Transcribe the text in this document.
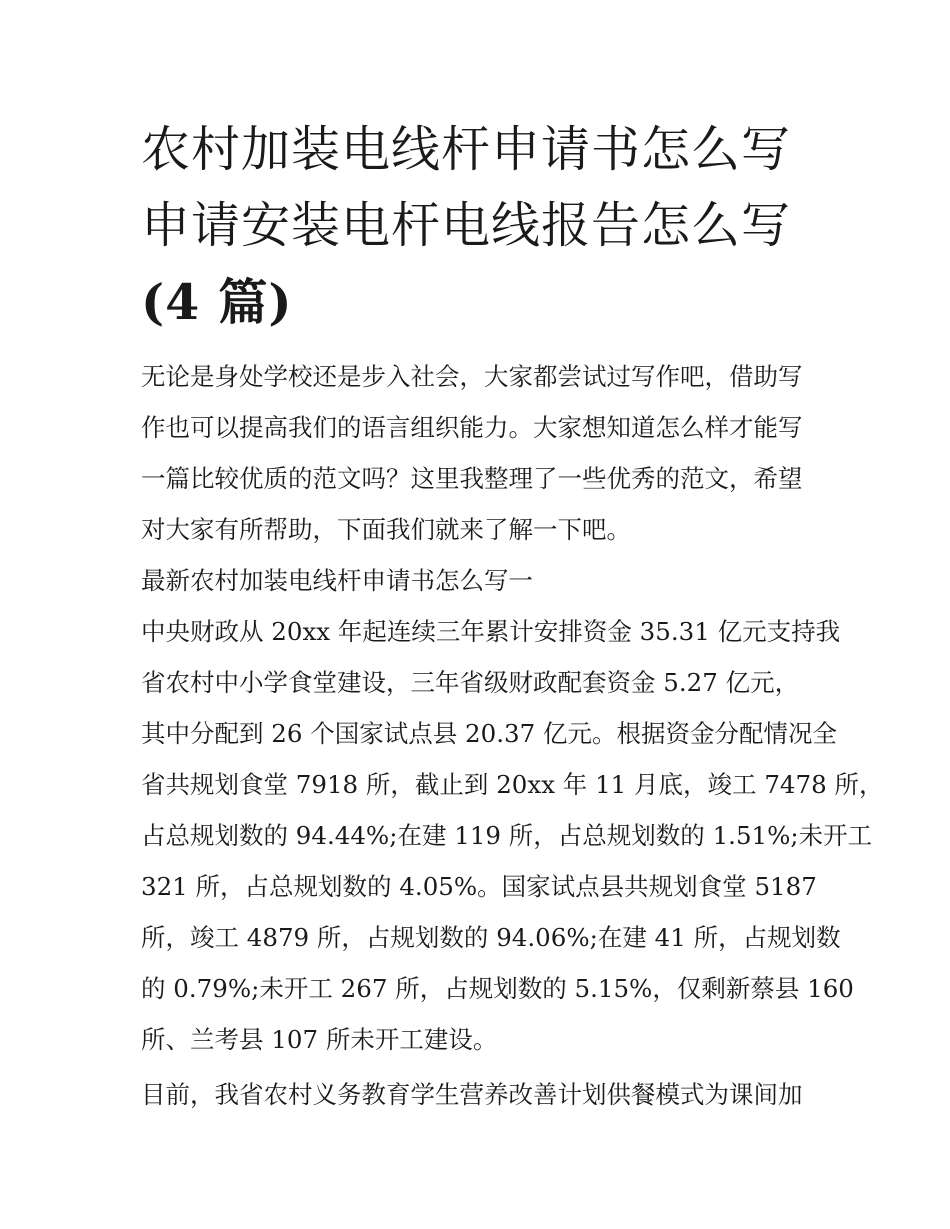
农村加装电线杆申请书怎么写
申请安装电杆电线报告怎么写
(4 篇)

无论是身处学校还是步入社会，大家都尝试过写作吧，借助写
作也可以提高我们的语言组织能力。大家想知道怎么样才能写
一篇比较优质的范文吗？这里我整理了一些优秀的范文，希望
对大家有所帮助，下面我们就来了解一下吧。

最新农村加装电线杆申请书怎么写一

中央财政从 20xx 年起连续三年累计安排资金 35.31 亿元支持我
省农村中小学食堂建设，三年省级财政配套资金 5.27 亿元，
其中分配到 26 个国家试点县 20.37 亿元。根据资金分配情况全
省共规划食堂 7918 所，截止到 20xx 年 11 月底，竣工 7478 所，
占总规划数的 94.44%;在建 119 所，占总规划数的 1.51%;未开工
321 所，占总规划数的 4.05%。国家试点县共规划食堂 5187
所，竣工 4879 所，占规划数的 94.06%;在建 41 所，占规划数
的 0.79%;未开工 267 所，占规划数的 5.15%，仅剩新蔡县 160
所、兰考县 107 所未开工建设。

目前，我省农村义务教育学生营养改善计划供餐模式为课间加
